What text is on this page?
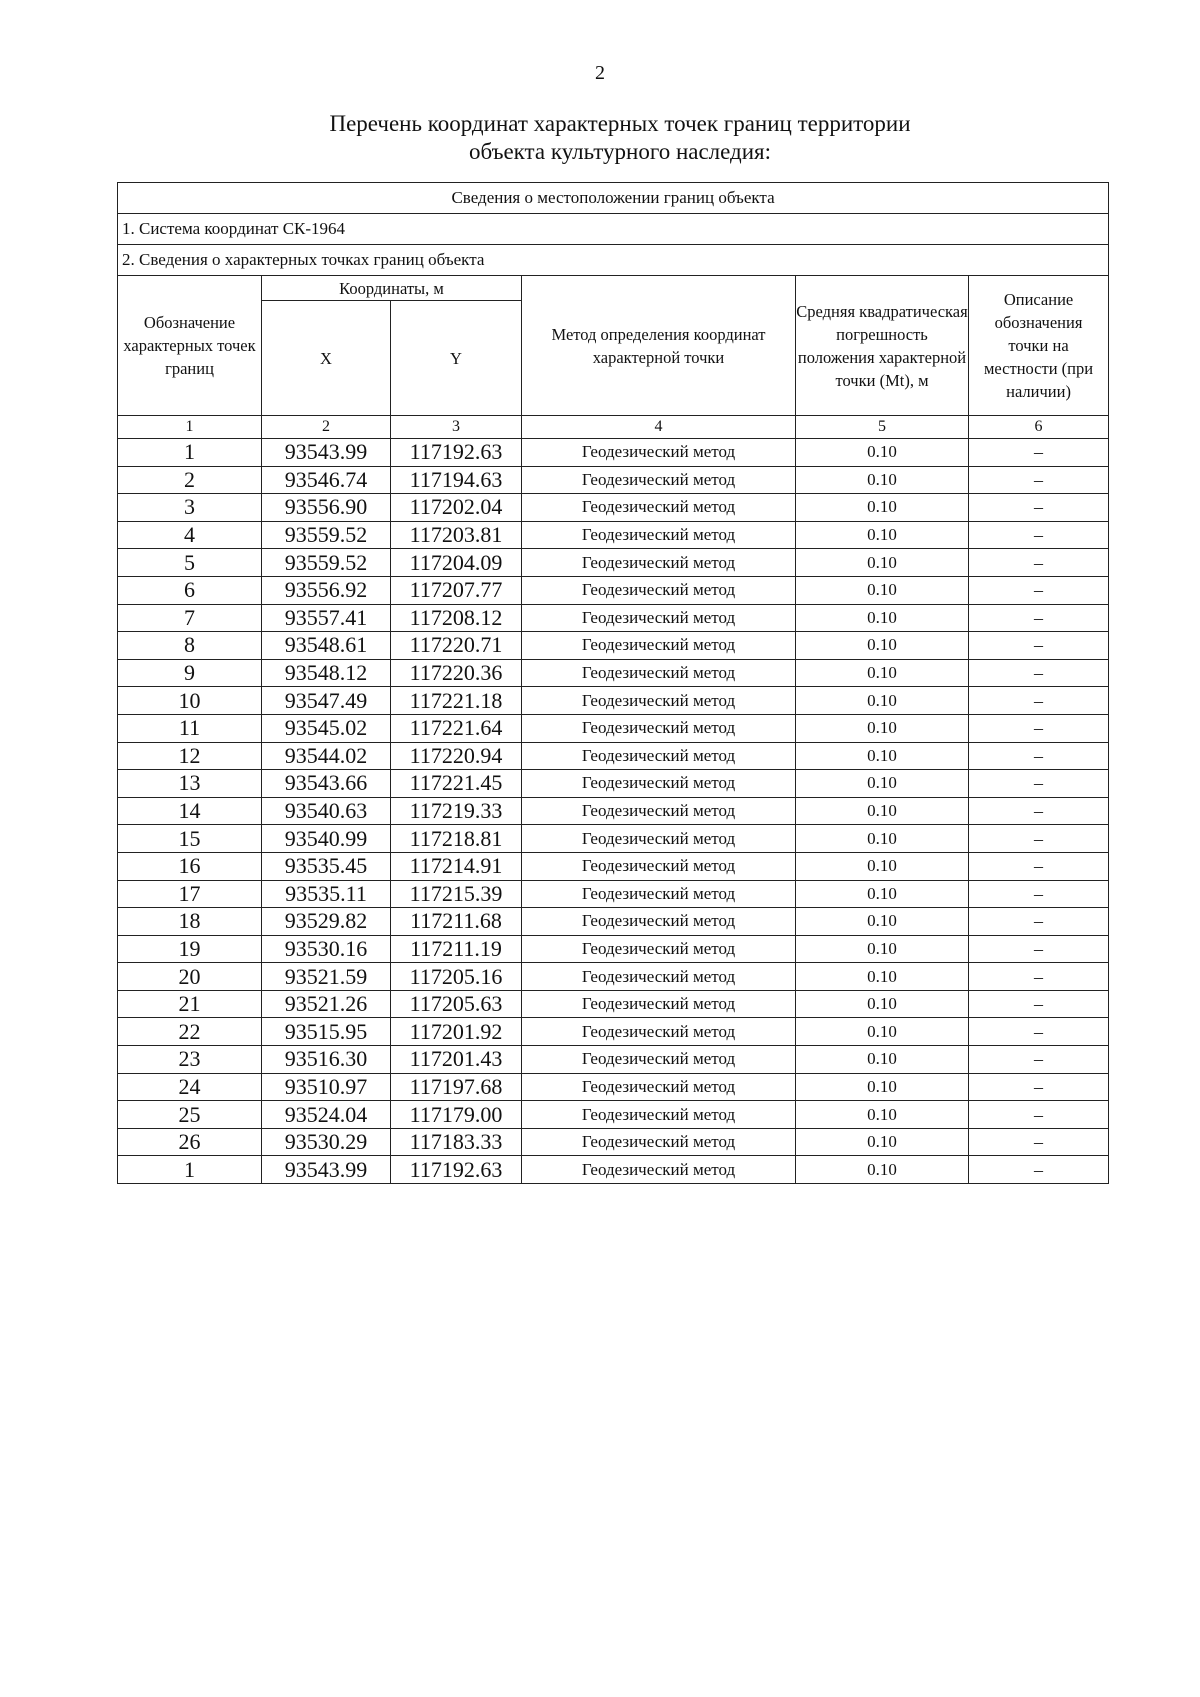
2
Перечень координат характерных точек границ территории
объекта культурного наследия:
Сведения о местоположении границ объекта					
1. Система координат СК-1964					
2. Сведения о характерных точках границ объекта					
Обозначение характерных точек границ	Координаты, м		Метод определения координат характерной точки	Средняя квадратическая погрешность положения характерной точки (Mt), м	Описание обозначения точки на местности (при наличии)
	X	Y			
1	2	3	4	5	6
1	93543.99	117192.63	Геодезический метод	0.10	–
2	93546.74	117194.63	Геодезический метод	0.10	–
3	93556.90	117202.04	Геодезический метод	0.10	–
4	93559.52	117203.81	Геодезический метод	0.10	–
5	93559.52	117204.09	Геодезический метод	0.10	–
6	93556.92	117207.77	Геодезический метод	0.10	–
7	93557.41	117208.12	Геодезический метод	0.10	–
8	93548.61	117220.71	Геодезический метод	0.10	–
9	93548.12	117220.36	Геодезический метод	0.10	–
10	93547.49	117221.18	Геодезический метод	0.10	–
11	93545.02	117221.64	Геодезический метод	0.10	–
12	93544.02	117220.94	Геодезический метод	0.10	–
13	93543.66	117221.45	Геодезический метод	0.10	–
14	93540.63	117219.33	Геодезический метод	0.10	–
15	93540.99	117218.81	Геодезический метод	0.10	–
16	93535.45	117214.91	Геодезический метод	0.10	–
17	93535.11	117215.39	Геодезический метод	0.10	–
18	93529.82	117211.68	Геодезический метод	0.10	–
19	93530.16	117211.19	Геодезический метод	0.10	–
20	93521.59	117205.16	Геодезический метод	0.10	–
21	93521.26	117205.63	Геодезический метод	0.10	–
22	93515.95	117201.92	Геодезический метод	0.10	–
23	93516.30	117201.43	Геодезический метод	0.10	–
24	93510.97	117197.68	Геодезический метод	0.10	–
25	93524.04	117179.00	Геодезический метод	0.10	–
26	93530.29	117183.33	Геодезический метод	0.10	–
1	93543.99	117192.63	Геодезический метод	0.10	–
